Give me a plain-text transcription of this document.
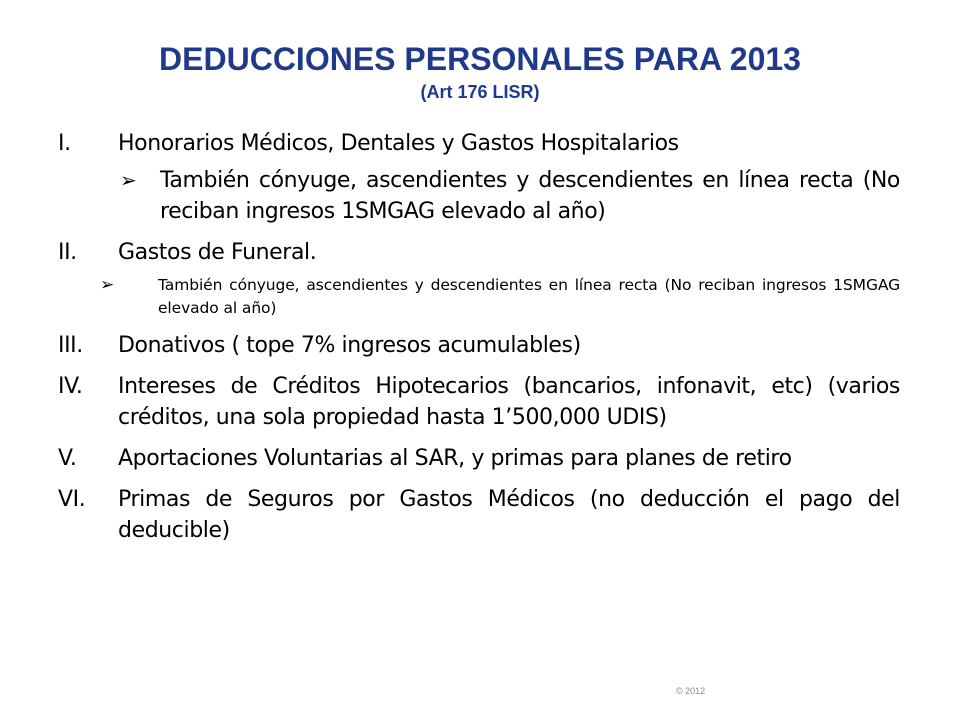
DEDUCCIONES PERSONALES PARA 2013
(Art 176 LISR)
I. Honorarios Médicos, Dentales y Gastos Hospitalarios
➢ También cónyuge, ascendientes y descendientes en línea recta (No reciban ingresos 1SMGAG elevado al año)
II. Gastos de Funeral.
➢	También cónyuge, ascendientes y descendientes en línea recta (No reciban ingresos 1SMGAG elevado al año)
III. Donativos ( tope 7% ingresos acumulables)
IV. Intereses de Créditos Hipotecarios (bancarios, infonavit, etc) (varios créditos, una sola propiedad hasta 1’500,000 UDIS)
V. Aportaciones Voluntarias al SAR, y primas para planes de retiro
VI. Primas de Seguros por Gastos Médicos (no deducción el pago del deducible)
© 2012
